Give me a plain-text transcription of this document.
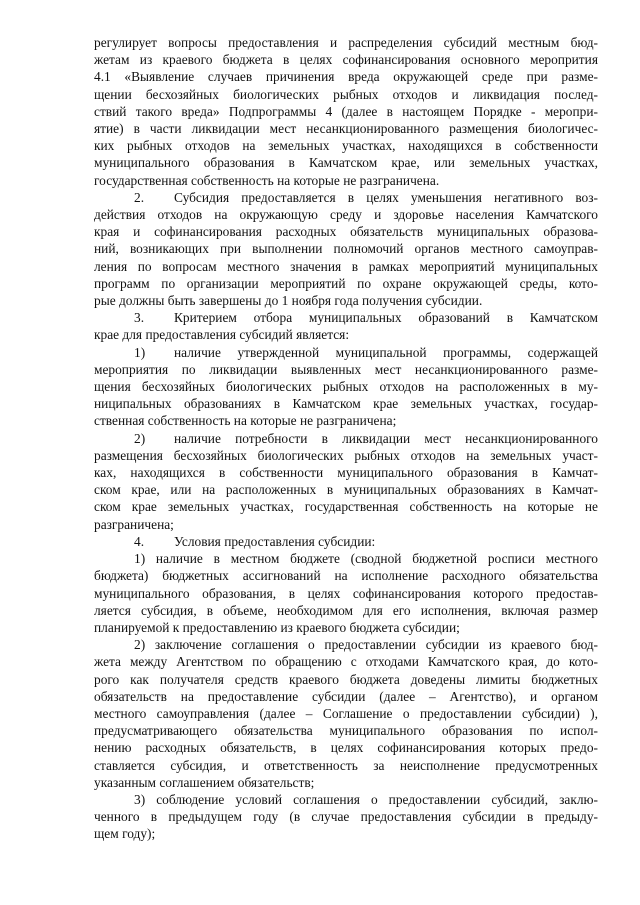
регулирует вопросы предоставления и распределения субсидий местным бюд-
жетам из краевого бюджета в целях софинансирования основного меропрития
4.1 «Выявление случаев причинения вреда окружающей среде при разме-
щении бесхозяйных биологических рыбных отходов и ликвидация послед-
ствий такого вреда» Подпрограммы 4 (далее в настоящем Порядке - меропри-
ятие) в части ликвидации мест несанкционированного размещения биологичес-
ких рыбных отходов на земельных участках, находящихся в собственности
муниципального образования в Камчатском крае, или земельных участках,
государственная собственность на которые не разграничена.
2. Субсидия предоставляется в целях уменьшения негативного воз-
действия отходов на окружающую среду и здоровье населения Камчатского
края и софинансирования расходных обязательств муниципальных образова-
ний, возникающих при выполнении полномочий органов местного самоупрaв-
ления по вопросам местного значения в рамках мероприятий муниципальных
программ по организации мероприятий по охране окружающей среды, кото-
рые должны быть завершены до 1 ноября года получения субсидии.
3. Критерием отбора муниципальных образований в Камчатском
крае для предоставления субсидий является:
1) наличие утвержденной муниципальной программы, содержащей
мероприятия по ликвидации выявленных мест несанкционированного разме-
щения бесхозяйных биологических рыбных отходов на расположенных в му-
ниципальных образованиях в Камчатском крае земельных участках, государ-
ственная собственность на которые не разграничена;
2) наличие потребности в ликвидации мест несанкционированного
размещения бесхозяйных биологических рыбных отходов на земельных участ-
ках, находящихся в собственности муниципального образования в Камчат-
ском крае, или на расположенных в муниципальных образованиях в Камчат-
ском крае земельных участках, государственная собственность на которые не
разграничена;
4. Условия предоставления субсидии:
1) наличие в местном бюджете (сводной бюджетной росписи местного
бюджета) бюджетных ассигнований на исполнение расходного обязательства
муниципального образования, в целях софинансирования которого предостав-
ляется субсидия, в объеме, необходимом для его исполнения, включая размер
планируемой к предоставлению из краевого бюджета субсидии;
2) заключение соглашения о предоставлении субсидии из краевого бюд-
жета между Агентством по обращению с отходами Камчатского края, до кото-
рого как получателя средств краевого бюджета доведены лимиты бюджетных
обязательств на предоставление субсидии (далее – Агентство), и органом
местного самоуправления (далее – Соглашение о предоставлении субсидии) ),
предусматривающего обязательства муниципального образования по испол-
нению расходных обязательств, в целях софинансирования которых предо-
ставляется субсидия, и ответственность за неисполнение предусмотренных
указанным соглашением обязательств;
3) соблюдение условий соглашения о предоставлении субсидий, заклю-
ченного в предыдущем году (в случае предоставления субсидии в предыду-
щем году);
